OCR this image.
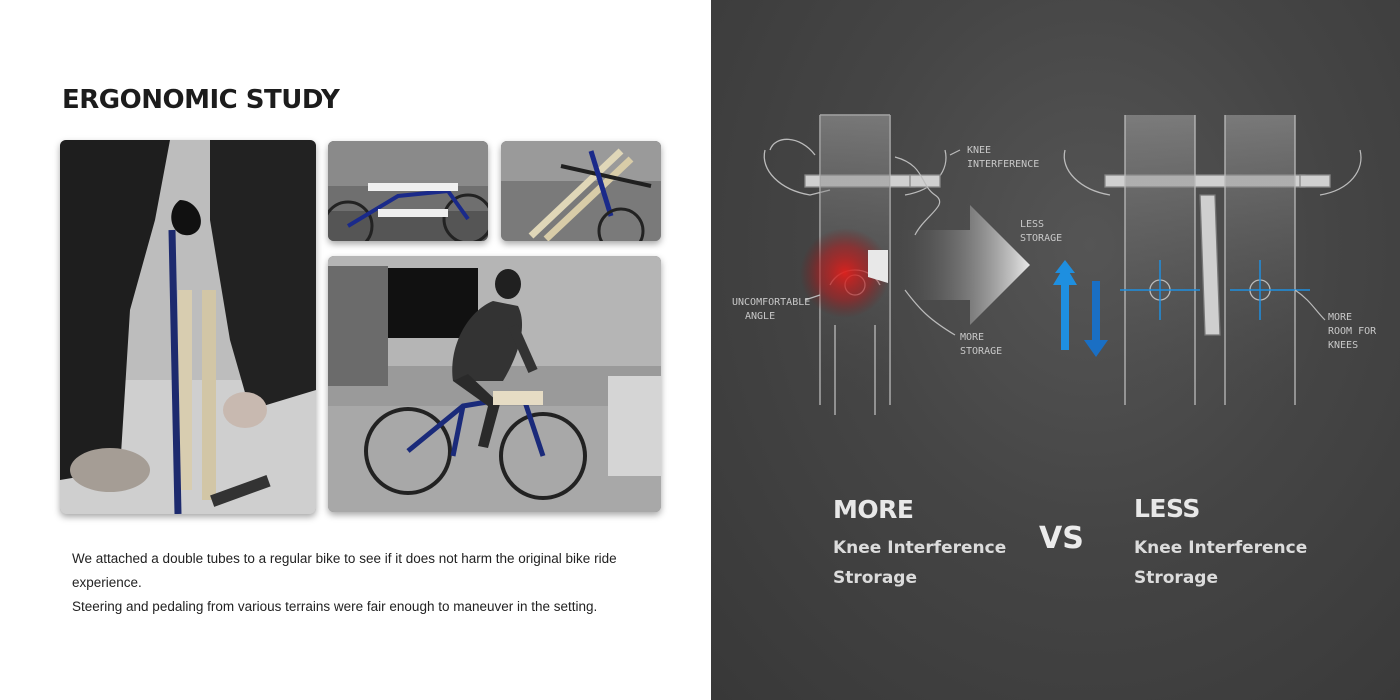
ERGONOMIC STUDY
We attached a double tubes to a regular bike to see if it does not harm the original bike ride experience.
Steering and pedaling from various terrains were fair enough to maneuver in the setting.
KNEE
INTERFERENCE
LESS
STORAGE
UNCOMFORTABLE
ANGLE
MORE
STORAGE
MORE
ROOM FOR
KNEES
MORE
Knee Interference
Strorage
VS
LESS
Knee Interference
Strorage
